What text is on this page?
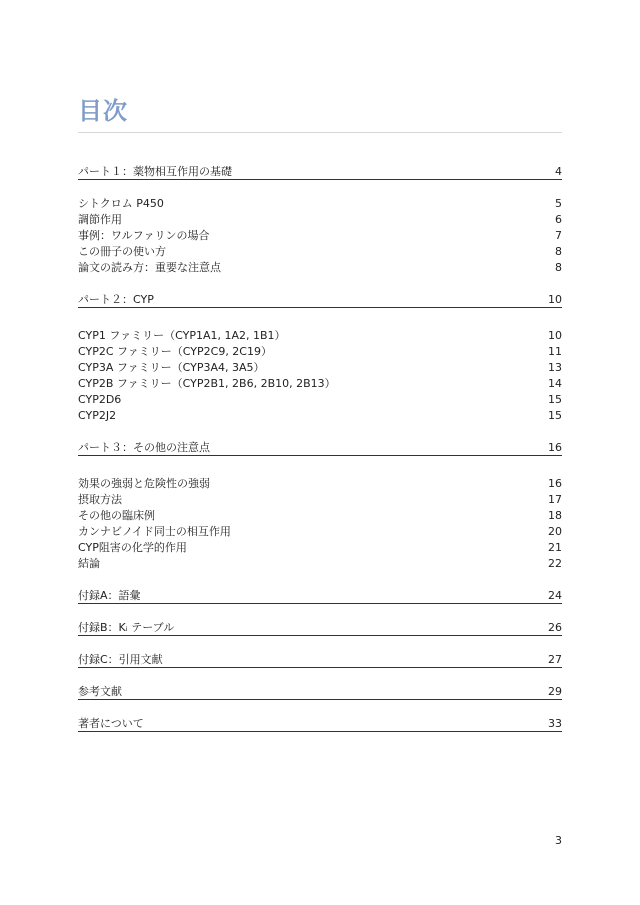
目次
パート１：薬物相互作用の基礎	4
シトクロム P450	5
調節作用	6
事例：ワルファリンの場合	7
この冊子の使い方	8
論文の読み方：重要な注意点	8
パート２：CYP	10
CYP1 ファミリー（CYP1A1, 1A2, 1B1）	10
CYP2C ファミリー（CYP2C9, 2C19）	11
CYP3A ファミリー（CYP3A4, 3A5）	13
CYP2B ファミリー（CYP2B1, 2B6, 2B10, 2B13）	14
CYP2D6	15
CYP2J2	15
パート３：その他の注意点	16
効果の強弱と危険性の強弱	16
摂取方法	17
その他の臨床例	18
カンナビノイド同士の相互作用	20
CYP阻害の化学的作用	21
結論	22
付録A：語彙	24
付録B：Kᵢ テーブル	26
付録C：引用文献	27
参考文献	29
著者について	33
3
